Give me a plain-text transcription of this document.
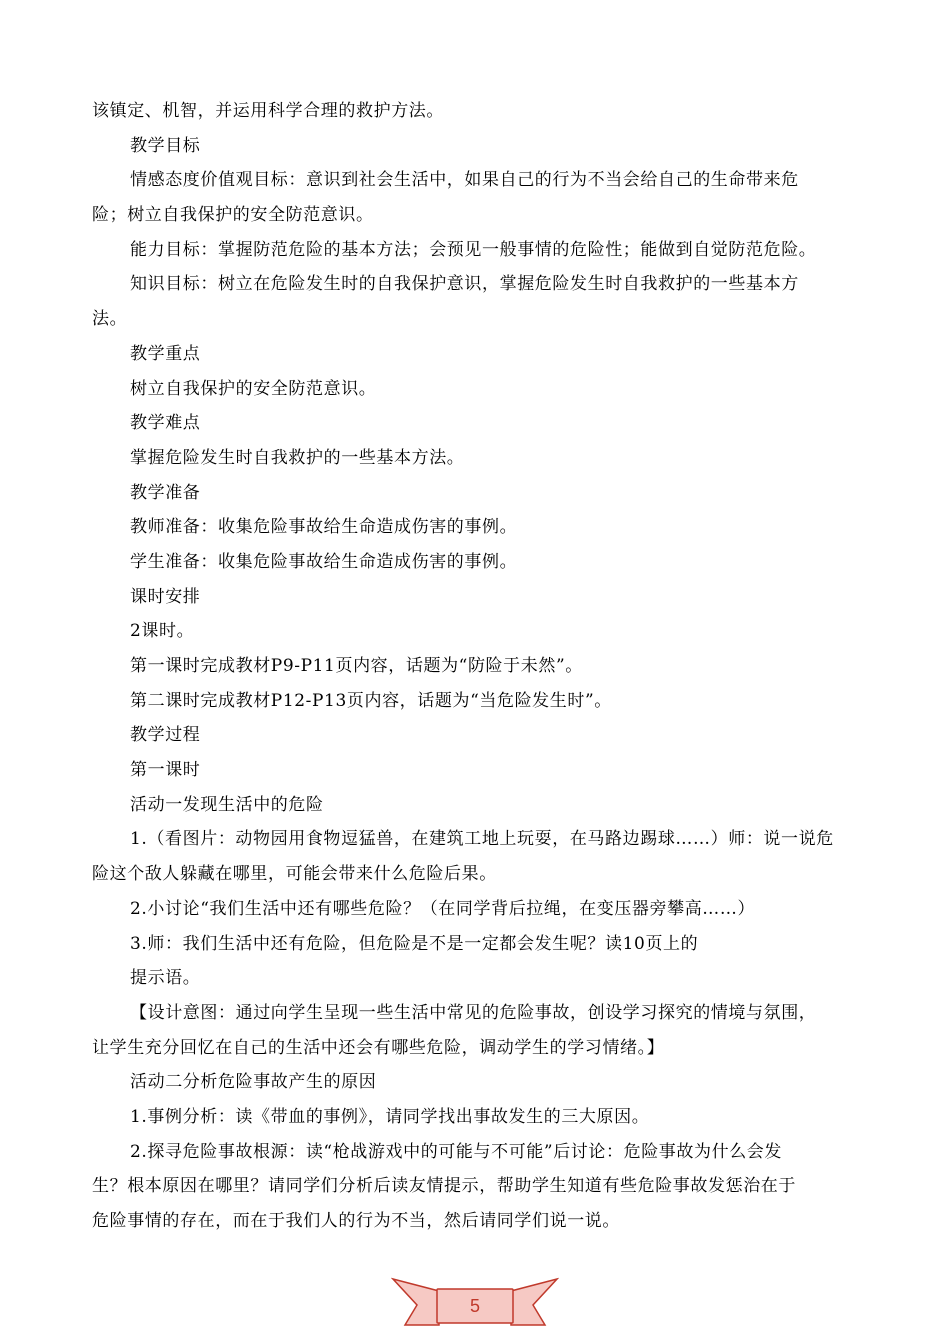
该镇定、机智，并运用科学合理的救护方法。
教学目标
情感态度价值观目标：意识到社会生活中，如果自己的行为不当会给自己的生命带来危
险；树立自我保护的安全防范意识。
能力目标：掌握防范危险的基本方法；会预见一般事情的危险性；能做到自觉防范危险。
知识目标：树立在危险发生时的自我保护意识，掌握危险发生时自我救护的一些基本方
法。
教学重点
树立自我保护的安全防范意识。
教学难点
掌握危险发生时自我救护的一些基本方法。
教学准备
教师准备：收集危险事故给生命造成伤害的事例。
学生准备：收集危险事故给生命造成伤害的事例。
课时安排
2课时。
第一课时完成教材P9-P11页内容，话题为“防险于未然”。
第二课时完成教材P12-P13页内容，话题为“当危险发生时”。
教学过程
第一课时
活动一发现生活中的危险
1.（看图片：动物园用食物逗猛兽，在建筑工地上玩耍，在马路边踢球……）师：说一说危
险这个敌人躲藏在哪里，可能会带来什么危险后果。
2.小讨论“我们生活中还有哪些危险？（在同学背后拉绳，在变压器旁攀高……）
3.师：我们生活中还有危险，但危险是不是一定都会发生呢？读10页上的
提示语。
【设计意图：通过向学生呈现一些生活中常见的危险事故，创设学习探究的情境与氛围，
让学生充分回忆在自己的生活中还会有哪些危险，调动学生的学习情绪。】
活动二分析危险事故产生的原因
1.事例分析：读《带血的事例》，请同学找出事故发生的三大原因。
2.探寻危险事故根源：读“枪战游戏中的可能与不可能”后讨论：危险事故为什么会发
生？根本原因在哪里？请同学们分析后读友情提示，帮助学生知道有些危险事故发惩治在于
危险事情的存在，而在于我们人的行为不当，然后请同学们说一说。
5
